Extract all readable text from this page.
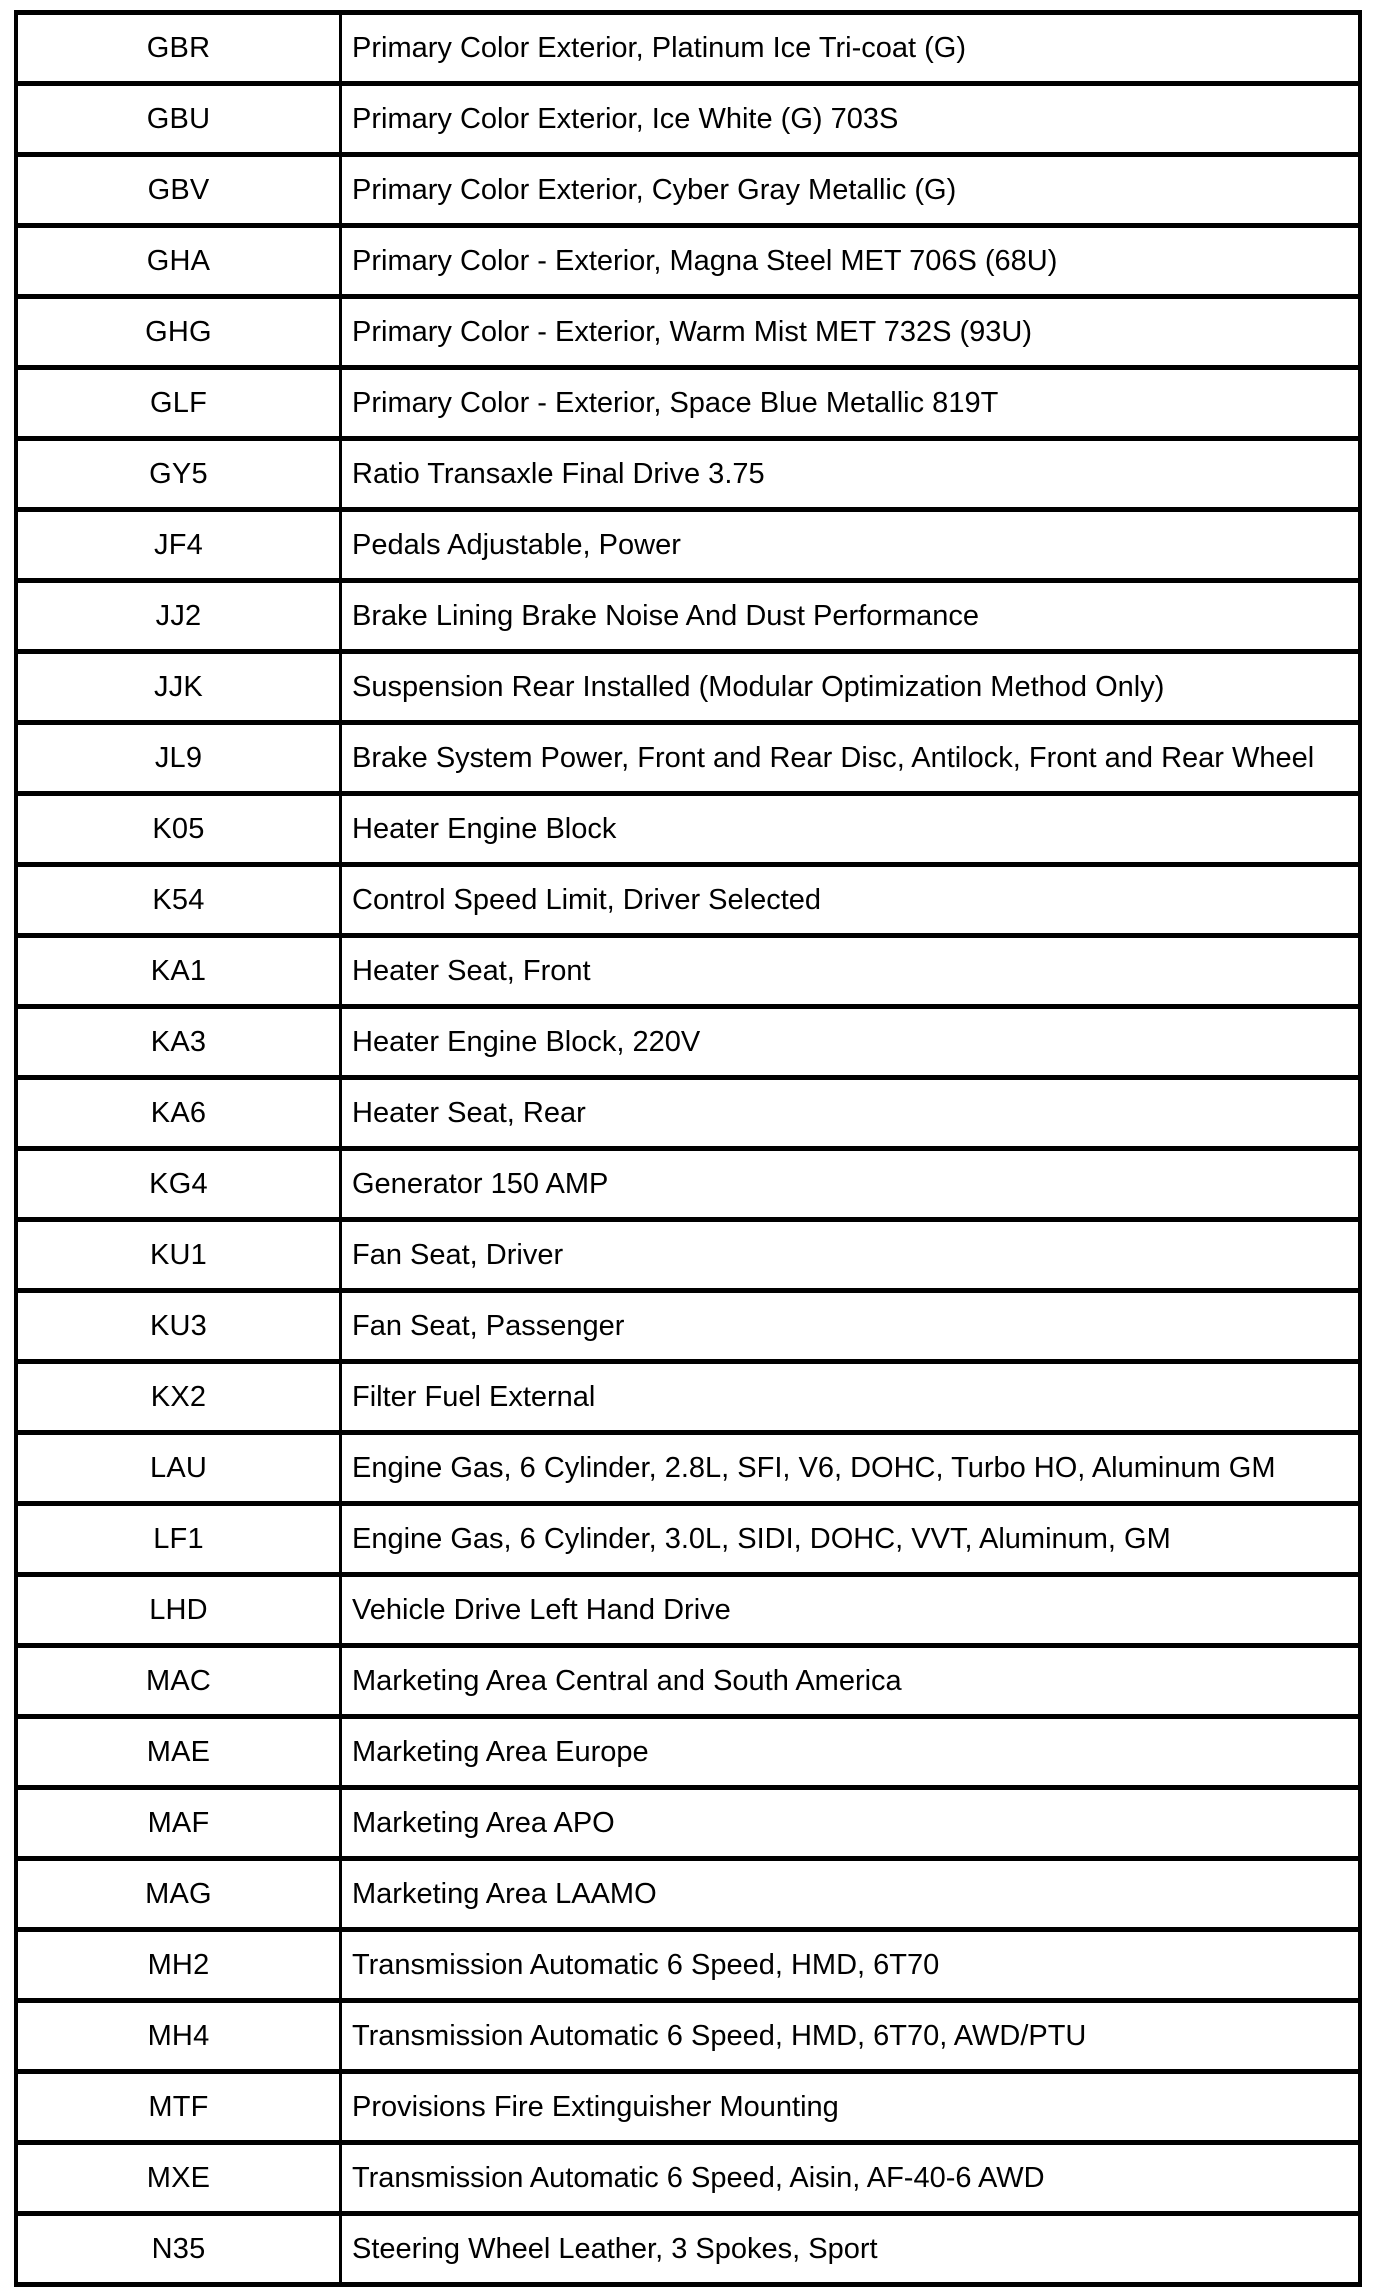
GBR	Primary Color Exterior, Platinum Ice Tri-coat (G)
GBU	Primary Color Exterior, Ice White (G) 703S
GBV	Primary Color Exterior, Cyber Gray Metallic (G)
GHA	Primary Color - Exterior, Magna Steel MET 706S (68U)
GHG	Primary Color - Exterior, Warm Mist MET 732S (93U)
GLF	Primary Color - Exterior, Space Blue Metallic 819T
GY5	Ratio Transaxle Final Drive 3.75
JF4	Pedals Adjustable, Power
JJ2	Brake Lining Brake Noise And Dust Performance
JJK	Suspension Rear Installed (Modular Optimization Method Only)
JL9	Brake System Power, Front and Rear Disc, Antilock, Front and Rear Wheel
K05	Heater Engine Block
K54	Control Speed Limit, Driver Selected
KA1	Heater Seat, Front
KA3	Heater Engine Block, 220V
KA6	Heater Seat, Rear
KG4	Generator 150 AMP
KU1	Fan Seat, Driver
KU3	Fan Seat, Passenger
KX2	Filter Fuel External
LAU	Engine Gas, 6 Cylinder, 2.8L, SFI, V6, DOHC, Turbo HO, Aluminum GM
LF1	Engine Gas, 6 Cylinder, 3.0L, SIDI, DOHC, VVT, Aluminum, GM
LHD	Vehicle Drive Left Hand Drive
MAC	Marketing Area Central and South America
MAE	Marketing Area Europe
MAF	Marketing Area APO
MAG	Marketing Area LAAMO
MH2	Transmission Automatic 6 Speed, HMD, 6T70
MH4	Transmission Automatic 6 Speed, HMD, 6T70, AWD/PTU
MTF	Provisions Fire Extinguisher Mounting
MXE	Transmission Automatic 6 Speed, Aisin, AF-40-6 AWD
N35	Steering Wheel Leather, 3 Spokes, Sport
